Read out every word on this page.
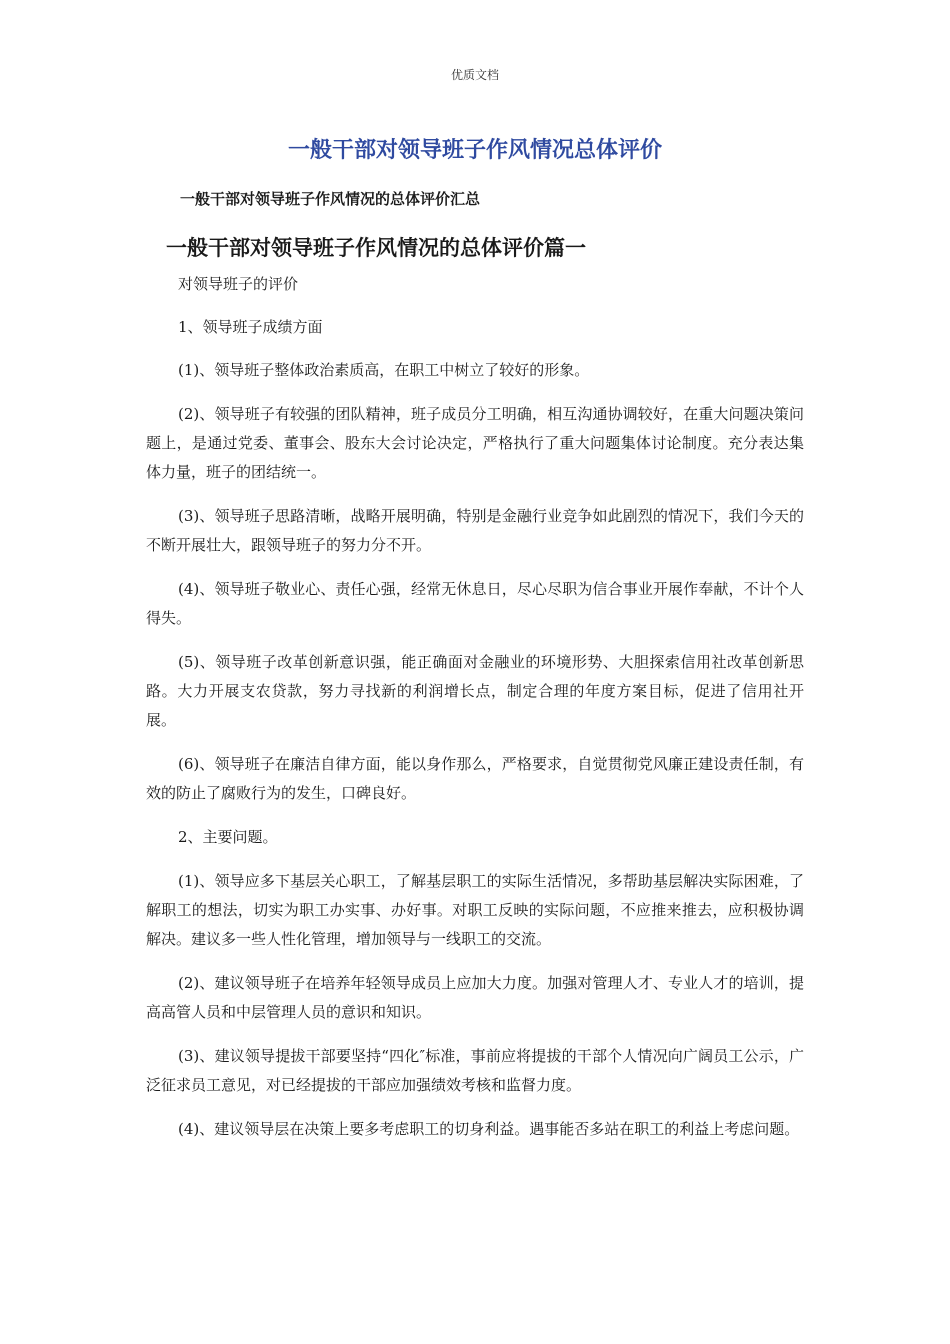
优质文档
一般干部对领导班子作风情况总体评价
一般干部对领导班子作风情况的总体评价汇总
一般干部对领导班子作风情况的总体评价篇一

对领导班子的评价

1、领导班子成绩方面

(1)、领导班子整体政治素质高，在职工中树立了较好的形象。

(2)、领导班子有较强的团队精神，班子成员分工明确，相互沟通协调较好，在重大问题决策问题上，是通过党委、董事会、股东大会讨论决定，严格执行了重大问题集体讨论制度。充分表达集体力量，班子的团结统一。

(3)、领导班子思路清晰，战略开展明确，特别是金融行业竞争如此剧烈的情况下，我们今天的不断开展壮大，跟领导班子的努力分不开。

(4)、领导班子敬业心、责任心强，经常无休息日，尽心尽职为信合事业开展作奉献，不计个人得失。

(5)、领导班子改革创新意识强，能正确面对金融业的环境形势、大胆探索信用社改革创新思路。大力开展支农贷款，努力寻找新的利润增长点，制定合理的年度方案目标，促进了信用社开展。

(6)、领导班子在廉洁自律方面，能以身作那么，严格要求，自觉贯彻党风廉正建设责任制，有效的防止了腐败行为的发生，口碑良好。

2、主要问题。

(1)、领导应多下基层关心职工，了解基层职工的实际生活情况，多帮助基层解决实际困难，了解职工的想法，切实为职工办实事、办好事。对职工反映的实际问题，不应推来推去，应积极协调解决。建议多一些人性化管理，增加领导与一线职工的交流。

(2)、建议领导班子在培养年轻领导成员上应加大力度。加强对管理人才、专业人才的培训，提高高管人员和中层管理人员的意识和知识。

(3)、建议领导提拔干部要坚持“四化″标准，事前应将提拔的干部个人情况向广阔员工公示，广泛征求员工意见，对已经提拔的干部应加强绩效考核和监督力度。

(4)、建议领导层在决策上要多考虑职工的切身利益。遇事能否多站在职工的利益上考虑问题。
